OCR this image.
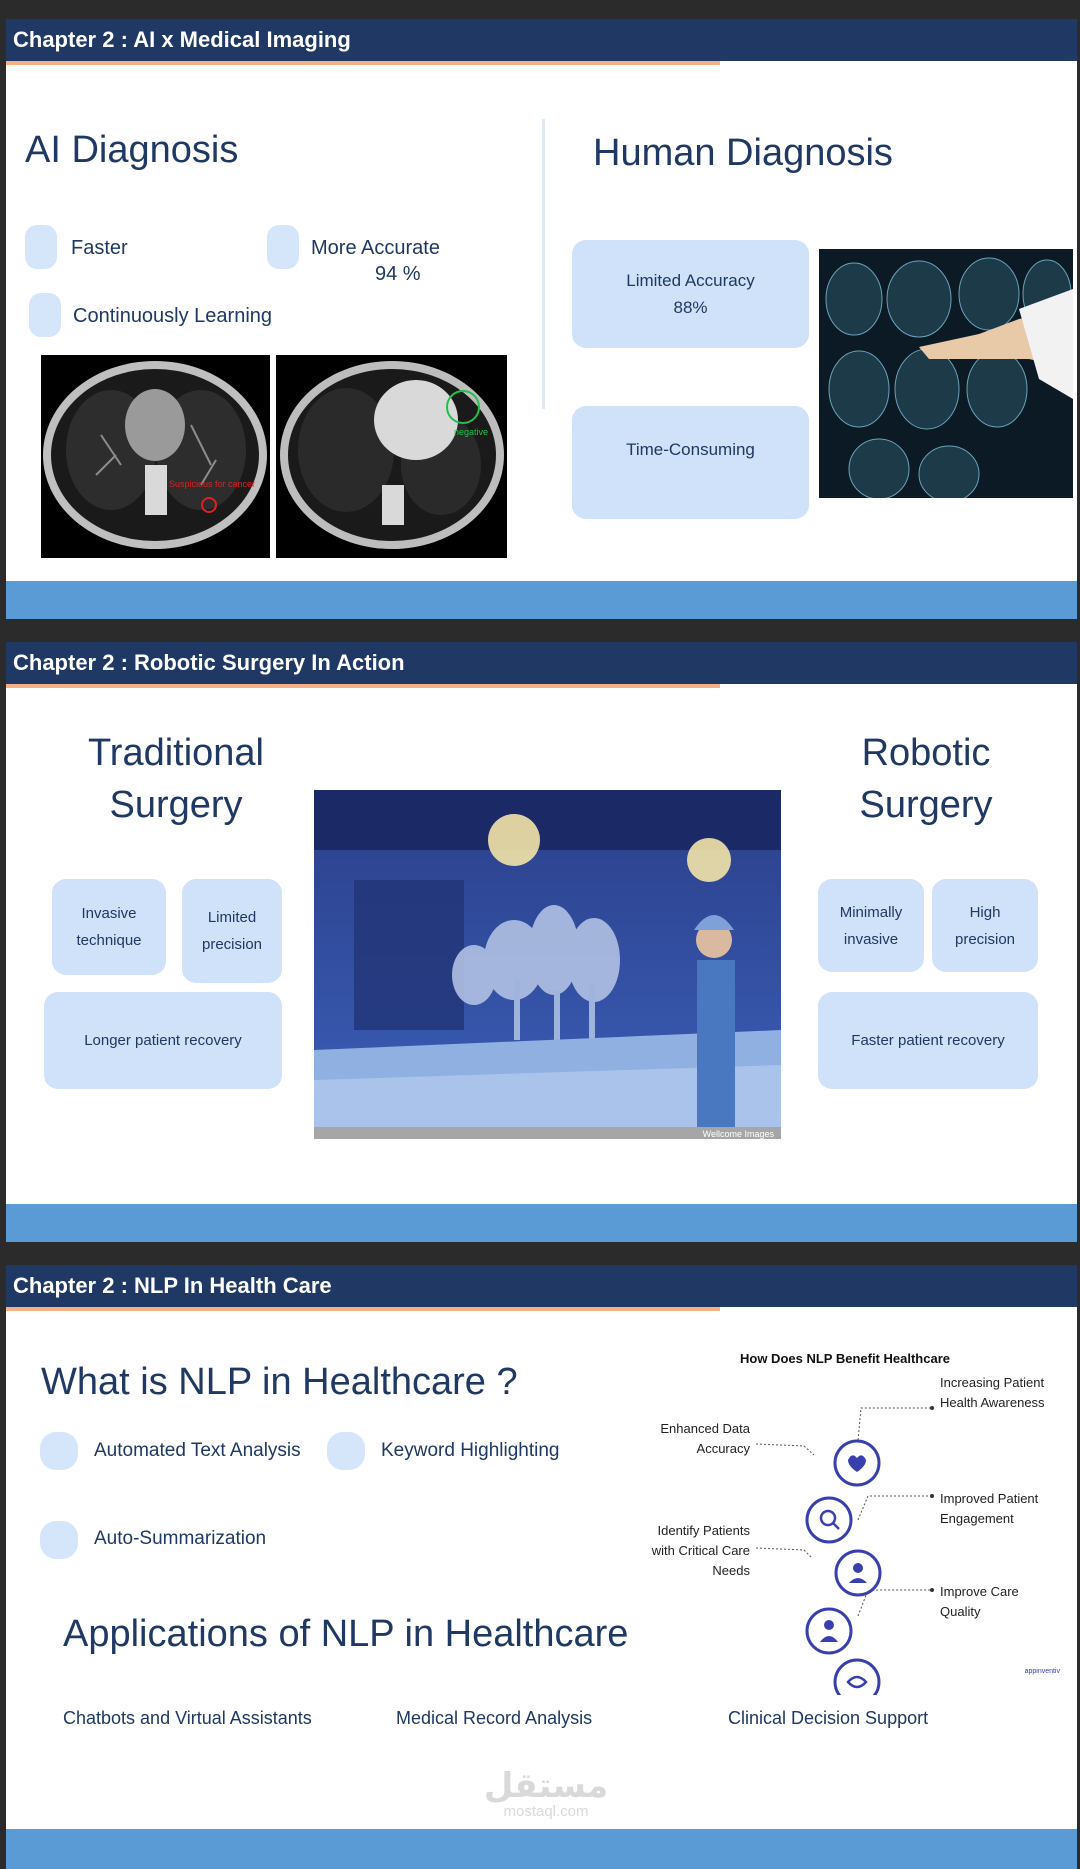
Chapter 2 : AI x Medical Imaging
AI Diagnosis
Faster	More Accurate
94 %
Continuously Learning
Suspicious for cancer
negative
Human Diagnosis
Limited Accuracy
88%
Time-Consuming
Chapter 2 : Robotic Surgery In Action
Traditional
Surgery
Invasive
technique
Limited
precision
Longer patient recovery
Wellcome Images
Robotic
Surgery
Minimally
invasive
High
precision
Faster patient recovery
Chapter 2 : NLP In Health Care
What is NLP in Healthcare ?
Automated Text Analysis	Keyword Highlighting
Auto-Summarization
Applications of NLP in Healthcare
Chatbots and Virtual Assistants	Medical Record Analysis	Clinical Decision Support
How Does NLP Benefit Healthcare
Enhanced Data
Accuracy
Identify Patients
with Critical Care
Needs
Increasing Patient
Health Awareness
Improved Patient
Engagement
Improve Care
Quality
appinventiv
مستقل
mostaql.com
